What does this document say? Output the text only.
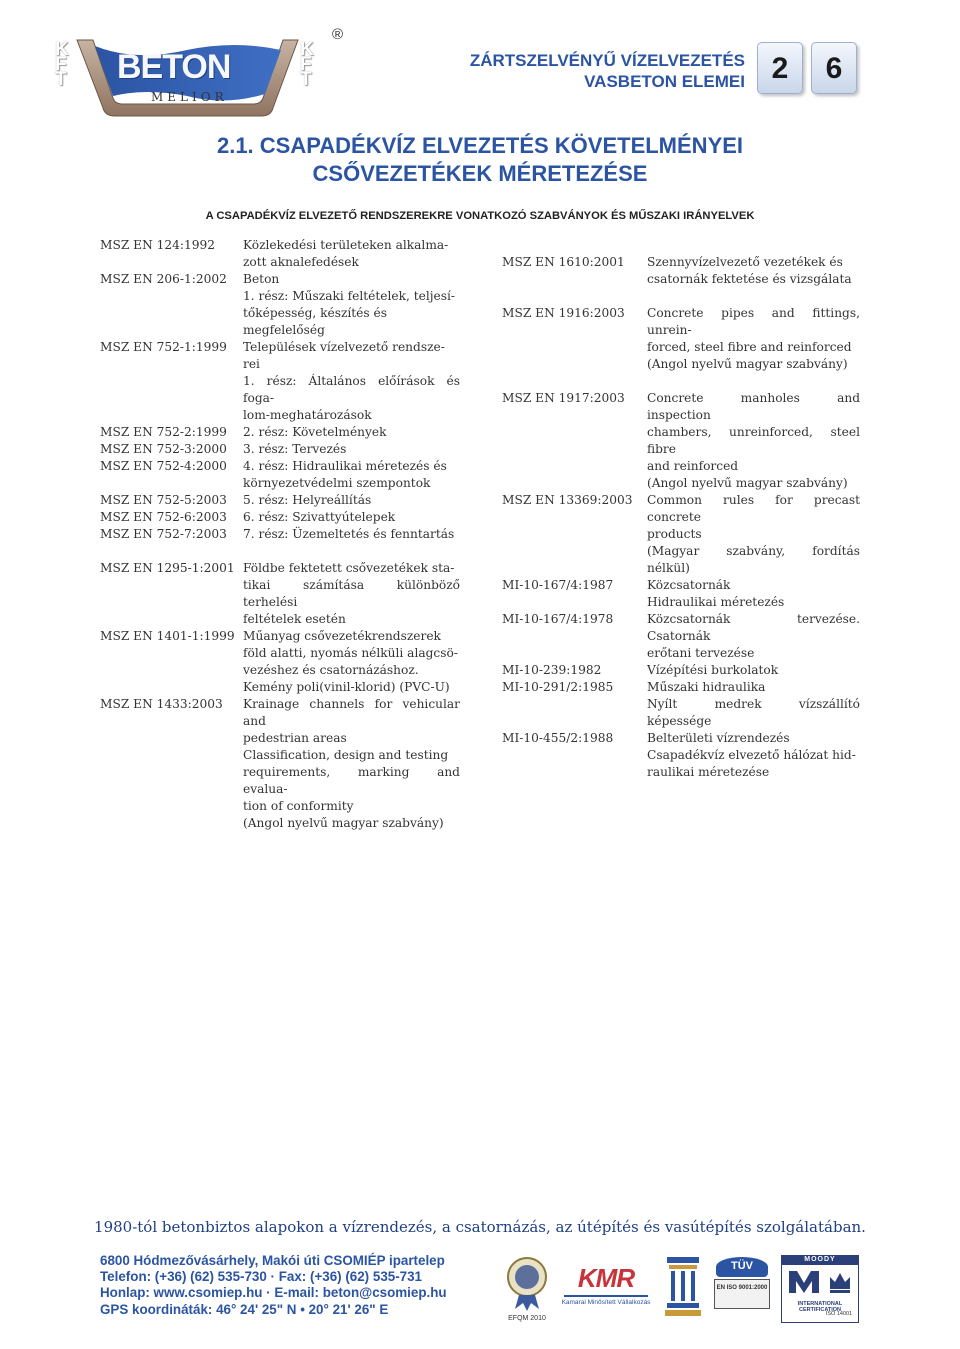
K
F
T BETON
MELIOR
K
F
T
®
ZÁRTSZELVÉNYŰ VÍZELVEZETÉS
VASBETON ELEMEI 2	6
2.1. CSAPADÉKVÍZ ELVEZETÉS KÖVETELMÉNYEI
CSŐVEZETÉKEK MÉRETEZÉSE
A CSAPADÉKVÍZ ELVEZETŐ RENDSZEREKRE VONATKOZÓ SZABVÁNYOK ÉS MŰSZAKI IRÁNYELVEK
MSZ EN 124:1992	Közlekedési területeken alkalma-
zott aknalefedések
MSZ EN 206-1:2002	Beton
1. rész: Műszaki feltételek, teljesí-
tőképesség, készítés és
megfelelőség
MSZ EN 752-1:1999	Települések vízelvezető rendsze-
rei
1. rész: Általános előírások és foga-
lom-meghatározások
MSZ EN 752-2:1999	2. rész: Követelmények
MSZ EN 752-3:2000	3. rész: Tervezés
MSZ EN 752-4:2000	4. rész: Hidraulikai méretezés és
környezetvédelmi szempontok
MSZ EN 752-5:2003	5. rész: Helyreállítás
MSZ EN 752-6:2003	6. rész: Szivattyútelepek
MSZ EN 752-7:2003	7. rész: Üzemeltetés és fenntartás
MSZ EN 1295-1:2001 Földbe fektetett csővezetékek sta-
tikai számítása különböző terhelési
feltételek esetén
MSZ EN 1401-1:1999 Műanyag csővezetékrendszerek
föld alatti, nyomás nélküli alagcsö-
vezéshez és csatornázáshoz.
Kemény poli(vinil-klorid) (PVC-U)
MSZ EN 1433:2003	Krainage channels for vehicular and
pedestrian areas
Classification, design and testing
requirements, marking and evalua-
tion of conformity
(Angol nyelvű magyar szabvány)
MSZ EN 1610:2001	Szennyvízelvezető vezetékek és
csatornák fektetése és vizsgálata
MSZ EN 1916:2003	Concrete pipes and fittings, unrein-
forced, steel fibre and reinforced
(Angol nyelvű magyar szabvány)
MSZ EN 1917:2003	Concrete manholes and inspection
chambers, unreinforced, steel fibre
and reinforced
(Angol nyelvű magyar szabvány)
MSZ EN 13369:2003	Common rules for precast concrete
products
(Magyar szabvány, fordítás nélkül)
MI-10-167/4:1987	Közcsatornák
Hidraulikai méretezés
MI-10-167/4:1978	Közcsatornák tervezése. Csatornák
erőtani tervezése
MI-10-239:1982	Vízépítési burkolatok
MI-10-291/2:1985	Műszaki hidraulika
Nyílt medrek vízszállító képessége
MI-10-455/2:1988	Belterületi vízrendezés
Csapadékvíz elvezető hálózat hid-
raulikai méretezése
1980-tól betonbiztos alapokon a vízrendezés, a csatornázás, az útépítés és vasútépítés szolgálatában.
6800 Hódmezővásárhely, Makói úti CSOMIÉP ipartelep
Telefon: (+36) (62) 535-730 · Fax: (+36) (62) 535-731
Honlap: www.csomiep.hu · E-mail: beton@csomiep.hu
GPS koordináták: 46° 24' 25" N • 20° 21' 26" E
EFQM 2010
KMR
Kamarai Minősített Vállalkozás
TÜV
EN ISO 9001:2000
MOODY
INTERNATIONAL CERTIFICATION
ISO 14001
